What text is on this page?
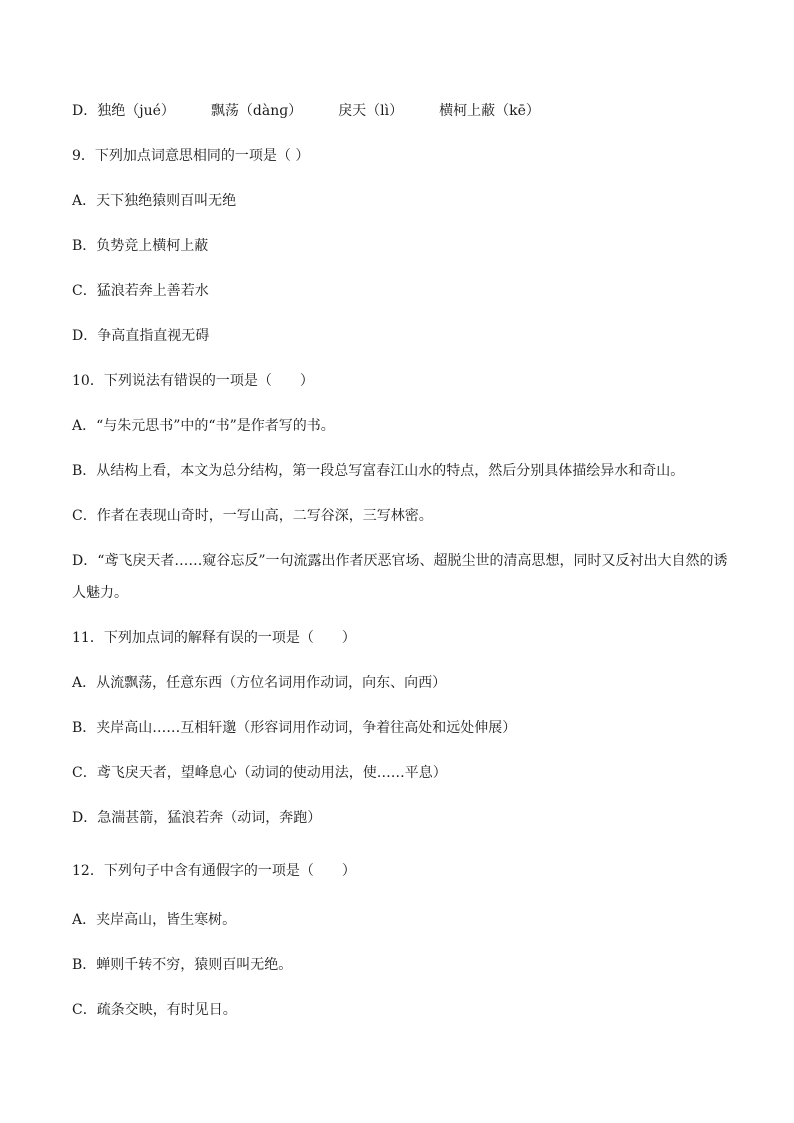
D．独绝（jué）	飘荡（dànɡ）	戾天（lì）	横柯上蔽（kē）
9．下列加点词意思相同的一项是（ ）
A．天下独绝猿则百叫无绝
B．负势竞上横柯上蔽
C．猛浪若奔上善若水
D．争高直指直视无碍
10．下列说法有错误的一项是（　　）
A．“与朱元思书”中的“书”是作者写的书。
B．从结构上看，本文为总分结构，第一段总写富春江山水的特点，然后分别具体描绘异水和奇山。
C．作者在表现山奇时，一写山高，二写谷深，三写林密。
D．“鸢飞戾天者……窥谷忘反”一句流露出作者厌恶官场、超脱尘世的清高思想，同时又反衬出大自然的诱人魅力。
11．下列加点词的解释有误的一项是（　　）
A．从流飘荡，任意东西（方位名词用作动词，向东、向西）
B．夹岸高山……互相轩邈（形容词用作动词，争着往高处和远处伸展）
C．鸢飞戾天者，望峰息心（动词的使动用法，使……平息）
D．急湍甚箭，猛浪若奔（动词，奔跑）
12．下列句子中含有通假字的一项是（　　）
A．夹岸高山，皆生寒树。
B．蝉则千转不穷，猿则百叫无绝。
C．疏条交映，有时见日。
